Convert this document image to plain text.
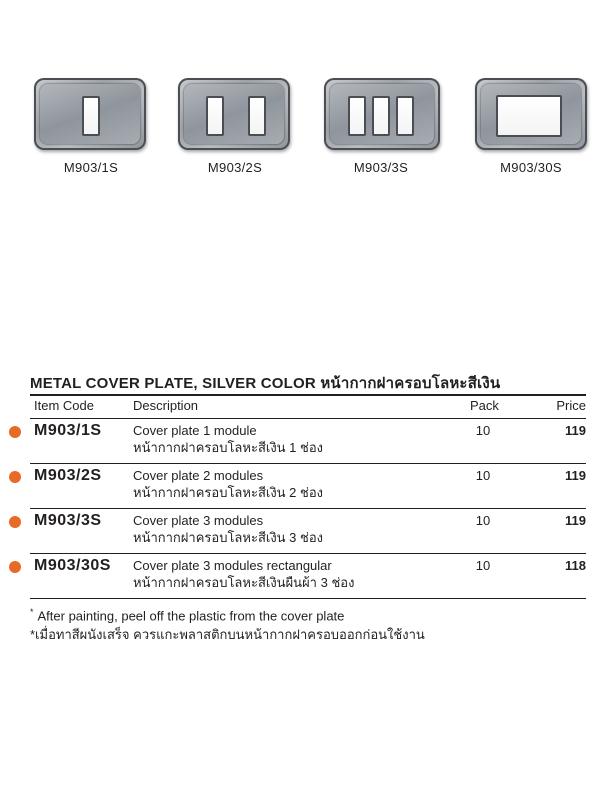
M903/1S	M903/2S	M903/3S	M903/30S
METAL COVER PLATE, SILVER COLOR หน้ากากฝาครอบโลหะสีเงิน
Item Code	Description	Pack	Price
M903/1S Cover plate 1 module
หน้ากากฝาครอบโลหะสีเงิน 1 ช่อง
10	119
M903/2S Cover plate 2 modules
หน้ากากฝาครอบโลหะสีเงิน 2 ช่อง
10	119
M903/3S Cover plate 3 modules
หน้ากากฝาครอบโลหะสีเงิน 3 ช่อง
10	119
M903/30S Cover plate 3 modules rectangular
หน้ากากฝาครอบโลหะสีเงินผืนผ้า 3 ช่อง
10	118
* After painting, peel off the plastic from the cover plate
*เมื่อทาสีผนังเสร็จ ควรแกะพลาสติกบนหน้ากากฝาครอบออกก่อนใช้งาน
